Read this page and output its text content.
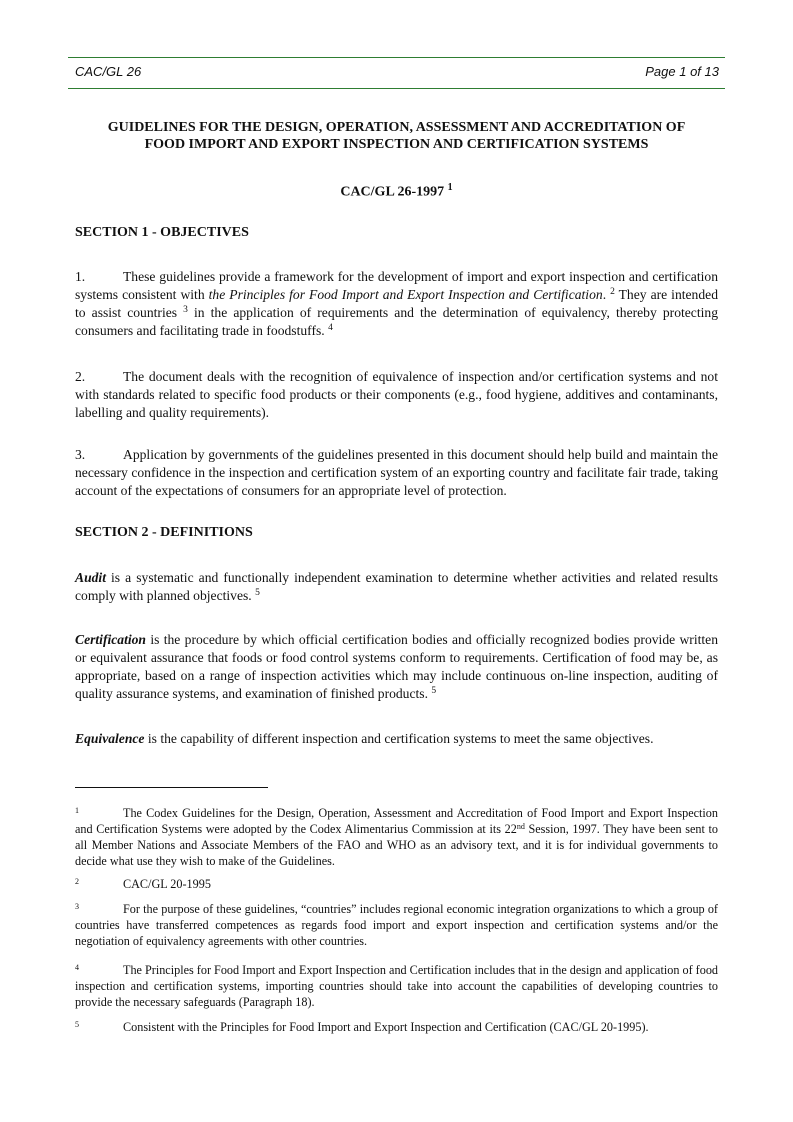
CAC/GL 26	Page 1 of 13
GUIDELINES FOR THE DESIGN, OPERATION, ASSESSMENT AND ACCREDITATION OF
FOOD IMPORT AND EXPORT INSPECTION AND CERTIFICATION SYSTEMS
CAC/GL 26-1997 $^1$
SECTION 1 - OBJECTIVES

1.	These guidelines provide a framework for the development of import and export inspection and certification systems consistent with the Principles for Food Import and Export Inspection and Certification. $^2$ They are intended to assist countries $^3$ in the application of requirements and the determination of equivalency, thereby protecting consumers and facilitating trade in foodstuffs. $^4$

2.	The document deals with the recognition of equivalence of inspection and/or certification systems and not with standards related to specific food products or their components (e.g., food hygiene, additives and contaminants, labelling and quality requirements).

3.	Application by governments of the guidelines presented in this document should help build and maintain the necessary confidence in the inspection and certification system of an exporting country and facilitate fair trade, taking account of the expectations of consumers for an appropriate level of protection.

SECTION 2 - DEFINITIONS

Audit is a systematic and functionally independent examination to determine whether activities and related results comply with planned objectives. $^5$

Certification is the procedure by which official certification bodies and officially recognized bodies provide written or equivalent assurance that foods or food control systems conform to requirements. Certification of food may be, as appropriate, based on a range of inspection activities which may include continuous on-line inspection, auditing of quality assurance systems, and examination of finished products. $^5$

Equivalence is the capability of different inspection and certification systems to meet the same objectives.

1	The Codex Guidelines for the Design, Operation, Assessment and Accreditation of Food Import and Export Inspection and Certification Systems were adopted by the Codex Alimentarius Commission at its 22nd Session, 1997. They have been sent to all Member Nations and Associate Members of the FAO and WHO as an advisory text, and it is for individual governments to decide what use they wish to make of the Guidelines.

2	CAC/GL 20-1995

3	For the purpose of these guidelines, “countries” includes regional economic integration organizations to which a group of countries have transferred competences as regards food import and export inspection and certification systems and/or the negotiation of equivalency agreements with other countries.

4	The Principles for Food Import and Export Inspection and Certification includes that in the design and application of food inspection and certification systems, importing countries should take into account the capabilities of developing countries to provide the necessary safeguards (Paragraph 18).

5	Consistent with the Principles for Food Import and Export Inspection and Certification (CAC/GL 20-1995).
